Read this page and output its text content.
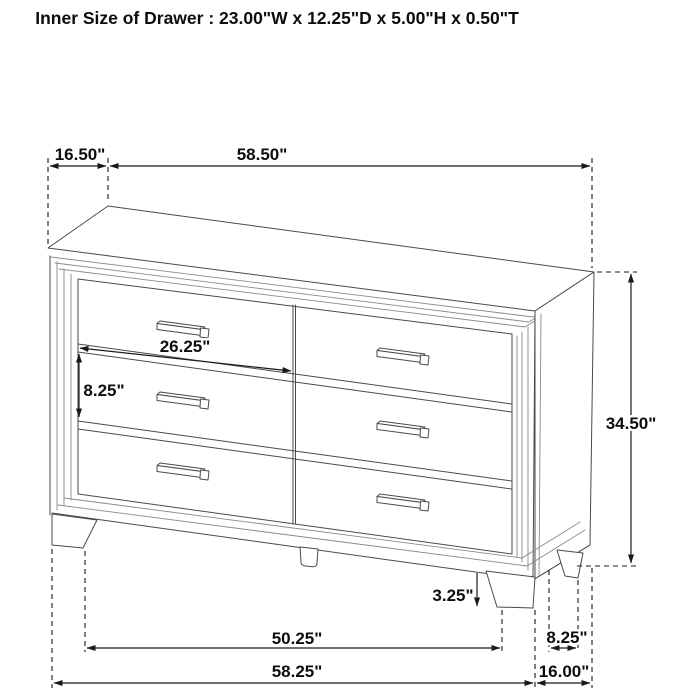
Inner Size of Drawer : 23.00"W x 12.25"D x 5.00"H x 0.50"T
16.50"	58.50"
26.25"
8.25"
34.50"
3.25"
50.25"	8.25"
58.25"	16.00"
